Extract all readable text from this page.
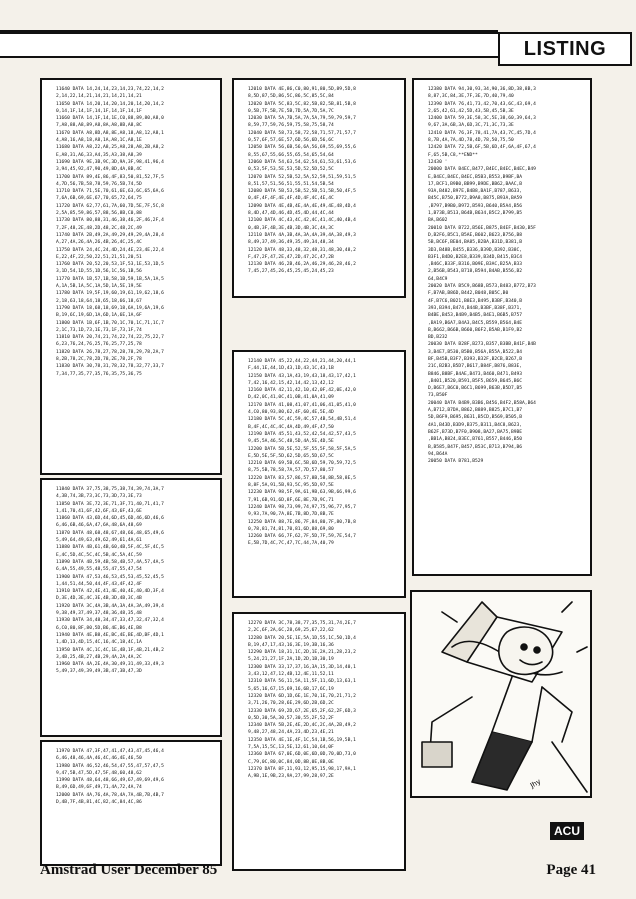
LISTING
11640 DATA 14,24,14,23,14,23,74,22,14,2
2,14,22,14,21,14,21,14,21,14,21
11650 DATA 14,20,14,20,14,20,14,20,14,2
0,14,1F,14,1F,14,1F,14,1F,14,1F
11660 DATA 14,1F,14,1E,C0,88,89,80,A8,0
7,A8,88,A8,89,A8,8A,A8,8B,A8,8C
11670 DATA A8,8D,A8,8E,A8,18,A8,12,A8,1
4,A8,16,A8,18,A8,1A,A8,1C,A8,1E
11680 DATA A8,22,A8,25,A8,28,A8,2B,A8,2
E,A8,31,A6,33,A4,35,A3,38,A8,39
11690 DATA 9E,3B,9C,3D,9A,3F,98,41,96,4
3,94,45,92,47,90,49,8D,4A,8B,4C
11700 DATA 89,4E,86,4F,83,50,81,52,7F,5
4,7D,56,7B,58,78,59,76,5B,74,5D
11710 DATA 71,5E,70,61,6E,63,6C,65,6A,6
7,6A,6B,69,6E,67,70,65,72,64,75
11720 DATA 62,77,61,7A,60,7D,5E,7F,5C,8
2,5A,85,59,86,57,88,56,8B,C0,88
11730 DATA 80,88,31,46,38,46,2F,46,2F,4
7,2F,48,2E,48,2D,48,2C,48,2C,49
11740 DATA 2B,49,2A,49,29,49,29,4A,28,4
A,27,4A,26,4A,26,4B,26,4C,25,4C
11750 DATA 24,4C,24,4D,24,4E,23,4E,22,4
E,22,4F,22,50,22,51,21,51,20,51
11760 DATA 20,52,20,53,1F,53,1E,53,1D,5
3,1D,54,1D,55,1D,56,1C,56,1B,56
11770 DATA 1B,57,1B,58,1B,59,1B,5A,1A,5
A,1A,5B,1A,5C,1A,5D,1A,5E,19,5E
11780 DATA 19,5F,19,60,19,61,19,62,18,6
2,18,63,18,64,18,65,18,66,18,67
11790 DATA 18,68,18,69,18,6A,19,6A,19,6
B,19,6C,19,6D,1A,6D,1A,6E,1A,6F
11800 DATA 1B,6F,1B,70,1C,70,1C,71,1C,7
2,1C,73,1D,73,1E,73,1F,73,1F,74
11810 DATA 20,74,21,74,22,74,22,75,22,7
6,23,76,24,76,25,76,25,77,25,78
11820 DATA 26,78,27,78,28,78,29,78,2A,7
8,2B,78,2C,78,2D,78,2E,78,2F,78
11830 DATA 30,78,31,78,32,78,32,77,33,7
7,34,77,35,77,35,76,35,75,36,75
11840 DATA 37,75,38,75,38,74,39,74,3A,7
4,3B,74,3B,73,3C,73,3D,73,3E,73
11850 DATA 3E,72,3E,71,3F,71,40,71,41,7
1,41,70,41,6F,42,6F,43,6F,43,6E
11860 DATA 43,6D,44,6D,45,6D,46,6D,46,6
6,46,6B,46,6A,47,6A,48,6A,48,69
11870 DATA 48,68,48,67,48,66,48,65,49,6
5,49,64,49,63,49,62,49,61,4A,61
11880 DATA 4B,61,4B,60,4B,5F,4C,5F,4C,5
E,4C,5D,4C,5C,4C,5B,4C,5A,4C,59
11890 DATA 4B,59,4B,58,4B,57,4A,57,4A,5
6,4A,55,49,55,48,55,47,55,47,54
11900 DATA 47,53,46,53,45,53,45,52,45,5
1,44,51,44,50,44,4F,43,4F,42,4F
11910 DATA 42,4E,41,4E,40,4E,40,4D,3F,4
D,3E,4D,3E,4C,3E,4B,3D,4B,3C,4B
11920 DATA 3C,4A,3B,4A,3A,4A,3A,49,39,4
9,38,49,37,49,37,48,36,48,35,48
11930 DATA 34,48,34,47,33,47,32,47,32,4
6,C0,80,8F,80,5D,B6,4E,B6,4E,B8
11940 DATA 4E,B8,4E,BC,4E,BE,4D,BF,4D,1
1,4D,13,4D,15,4C,16,4C,18,4C,1A
11950 DATA 4C,1C,4C,1E,4B,1F,4B,21,4B,2
3,4B,25,4B,27,4B,29,4A,2A,4A,2C
11960 DATA 4A,2E,4A,30,49,31,49,33,49,3
5,49,37,49,39,49,3B,47,3B,47,3D
11970 DATA 47,3F,47,41,47,43,47,45,46,4
6,46,48,46,4A,46,4C,46,4E,46,50
11980 DATA 46,52,46,54,47,55,47,57,47,5
9,47,5B,47,5D,47,5F,48,60,48,62
11990 DATA 48,64,48,66,49,67,49,69,49,6
B,49,6D,49,6F,49,71,4A,72,4A,74
12000 DATA 4A,76,4A,78,4A,7A,4B,7B,4B,7
D,4B,7F,4B,81,4C,82,4C,84,4C,86
12010 DATA 4E,86,C0,80,91,80,5D,89,5D,8
8,5D,87,5D,86,5C,86,5C,85,5C,84
12020 DATA 5C,83,5C,82,5B,82,5B,81,5B,8
0,5B,7F,5B,7E,5B,7D,5A,7D,5A,7C
12030 DATA 5A,7B,5A,7A,5A,79,59,79,59,7
8,59,77,59,76,59,75,58,75,58,74
12040 DATA 58,73,58,72,58,71,57,71,57,7
0,57,6F,57,6E,57,6D,56,6D,56,6C
12050 DATA 56,6B,56,6A,56,69,55,69,55,6
8,55,67,55,66,55,65,54,65,54,64
12060 DATA 54,63,54,62,54,61,53,61,53,6
0,53,5F,53,5E,53,5D,52,5D,52,5C
12070 DATA 52,5B,52,5A,52,59,51,59,51,5
8,51,57,51,56,51,55,51,54,5B,54
12080 DATA 5B,53,5B,52,5B,51,5B,50,4F,5
0,4F,4F,4F,4E,4F,4D,4F,4C,4E,4C
12090 DATA 4E,4B,4E,4A,4E,49,4E,48,4D,4
8,4D,47,4D,46,4D,45,4D,44,4C,44
12100 DATA 4C,43,4C,42,4C,41,4C,40,4B,4
0,4B,3F,4B,3E,4B,3D,4B,3C,4A,3C
12110 DATA 4A,3B,4A,3A,4A,39,4A,38,49,3
8,49,37,49,36,49,35,49,34,48,34
12120 DATA 48,33,48,32,48,31,48,30,48,2
F,47,2F,47,2E,47,2D,47,2C,47,2B
12130 DATA 46,2B,46,2A,46,29,46,28,46,2
7,45,27,45,26,45,25,45,24,45,23
12140 DATA 45,22,44,22,44,21,44,20,44,1
F,44,1E,44,1D,43,1D,43,1C,43,1B
12150 DATA 43,1A,43,19,43,18,43,17,42,1
7,42,16,42,15,42,14,42,13,42,12
12160 DATA 42,11,42,10,42,0F,42,0E,42,0
D,42,0C,41,0C,41,0B,41,0A,41,09
12170 DATA 41,08,41,07,41,06,41,05,41,0
4,C0,80,93,80,62,4F,60,4E,5E,4D
12180 DATA 5C,4C,59,4C,57,4B,54,4B,51,4
B,4F,4C,4C,4C,4A,4D,49,4F,47,50
12190 DATA 45,51,43,52,42,54,42,57,43,5
9,45,5A,46,5C,48,5D,4A,5E,4D,5E
12200 DATA 5B,5E,52,5F,55,5F,58,5F,5A,5
E,5D,5E,5F,5D,62,5D,65,5D,67,5C
12210 DATA 69,5B,6C,5B,6D,59,70,59,72,5
8,75,5B,78,58,7A,57,7D,57,80,57
12220 DATA 83,57,86,57,8B,58,8B,58,8E,5
8,8F,5A,91,5B,93,5C,95,5D,97,5E
12230 DATA 98,5F,9A,61,9B,63,9B,66,99,6
7,91,6B,91,6D,8F,6E,8E,7B,9C,71
12240 DATA 98,73,99,74,97,75,96,77,95,7
9,93,7A,90,7A,8E,7B,8D,7D,8B,7E
12250 DATA 88,7E,86,7F,84,80,7F,80,7B,8
0,78,81,74,81,70,81,6D,88,69,80
12260 DATA 66,7F,62,7F,5D,7F,59,7E,54,7
E,5B,7D,4C,7C,47,7C,44,7A,40,79
12270 DATA 3C,78,38,77,35,75,31,74,2E,7
2,2C,6F,2A,6C,28,69,25,67,22,62
12280 DATA 20,5E,1E,5A,1D,55,1C,50,1D,4
B,19,47,17,43,16,3E,19,3B,16,36
12290 DATA 18,31,1C,2D,1E,2A,21,28,23,2
5,24,21,27,1F,2A,1D,2D,1B,30,19
12300 DATA 33,17,37,16,3A,15,3D,14,40,1
3,43,12,47,12,4B,12,4E,11,52,11
12310 DATA 56,11,5A,11,5F,11,6D,13,63,1
5,65,16,67,15,69,16,6B,17,6C,19
12320 DATA 6D,1D,6E,1E,70,1E,70,21,71,2
3,71,26,70,28,6E,29,6D,2B,6D,2C
12330 DATA 69,2D,67,2E,65,2F,62,2F,6D,3
0,5D,30,5A,30,57,30,55,2F,52,2F
12340 DATA 5B,2E,4E,2D,4C,2C,4A,2B,49,2
9,48,27,48,24,4A,23,4D,23,4E,21
12350 DATA 4E,1E,4F,1C,54,1B,56,19,5B,1
7,5A,15,5C,13,5E,12,61,10,64,0F
12360 DATA 67,0E,6D,0E,6D,0D,70,0D,73,0
C,79,0C,80,0C,84,0D,8B,0E,8B,0E
12370 DATA 8F,11,93,12,95,15,98,17,9A,1
A,9B,1E,9B,23,9A,27,99,28,97,2E
12380 DATA 94,30,93,34,90,36,8D,38,8B,3
8,87,3C,84,3E,7F,3E,7D,40,79,40
12390 DATA 76,41,73,42,70,43,6C,43,69,4
2,65,42,61,42,5D,43,5B,45,5B,3E
12400 DATA 59,3E,58,3C,5E,38,60,39,64,3
9,67,3A,6B,3A,6D,3C,71,3C,73,3E
12410 DATA 76,3F,78,41,7A,43,7C,45,7D,4
8,7B,4A,7A,4D,78,4D,78,50,75,50
12420 DATA 72,5B,6F,5B,6D,4F,6A,4F,67,4
F,65,5B,C8,**END**
12430 '
20000 DATA B4EC,B477,B4EC,B4EC,B4EC,B49
E,B4EC,B4EC,B4EC,B5B3,B553,B9BF,BA
17,BCF1,B9B0,BB99,B9DE,BB62,BAAC,B
93A,B482,B97E,B4B8,BA1F,B787,B633,
B45C,B750,B772,B9A8,B875,B93A,BA59
,B797,B9B0,B972,B593,B640,B5A4,B56
1,B73B,B513,B64B,B634,B5C2,B799,B5
BA,B602
20010 DATA B722,B56E,B875,B4EF,B430,B5F
D,B2F6,B5C1,B5AE,B602,B623,B756,B8
5B,BC6F,BE04,BA85,B2BA,B31D,B381,B
3D3,B48B,B455,B336,B39D,B392,B38C,
B3F1,B4D0,B2E8,B339,B34D,B415,B3C4
,B46C,B33F,B316,B09E,B3AC,B25A,B33
2,B56B,B543,B718,B594,B4AB,B556,B2
64,B4C9
20020 DATA B5C9,B68B,B573,B483,B772,B73
F,B7AB,B86D,B442,B048,B05C,B0
4F,B7C6,B021,B8E3,B495,B3BF,B340,B
393,B394,B474,B44B,B3BF,B38F,B371,
B4BE,B453,B4B9,B4B5,B4E1,B6B5,B757
,BA19,B6A7,B4A3,B4C5,B559,B564,B4E
B,B662,B66B,B660,B6F2,B5AB,B1F9,B2
BD,B232
20030 DATA B28F,B273,B357,B3BB,B41F,B4B
3,B4E7,B530,B5B0,B56A,B55A,B522,B4
BF,B45B,B3F7,B393,B32F,B2CB,B267,B
21C,B2B3,B5D7,B617,B84F,B876,B83E,
B846,B8BF,B4AE,B473,B460,B471,B493
,B401,B520,B591,B5F5,B659,B645,B6C
D,B6E7,B6C0,B6C1,B699,B63B,B5D7,B5
73,B50F
20040 DATA B4B9,B3B6,B456,B4F2,B58A,B64
A,B712,B7DA,B862,B889,B825,B7C1,B7
5D,B6F9,B695,B631,B5CD,B569,B505,B
4A1,B43D,B3D9,B375,B311,B4C8,B623,
B62F,B73D,B7F0,B908,BA27,BA75,B9BE
,BB1A,B824,B3EC,B761,B557,B446,B50
B,B585,B47F,B457,B53C,B713,B794,B6
94,B64A
20050 DATA B781,B529
Jhy
ACU
Amstrad User December 85	Page 41
